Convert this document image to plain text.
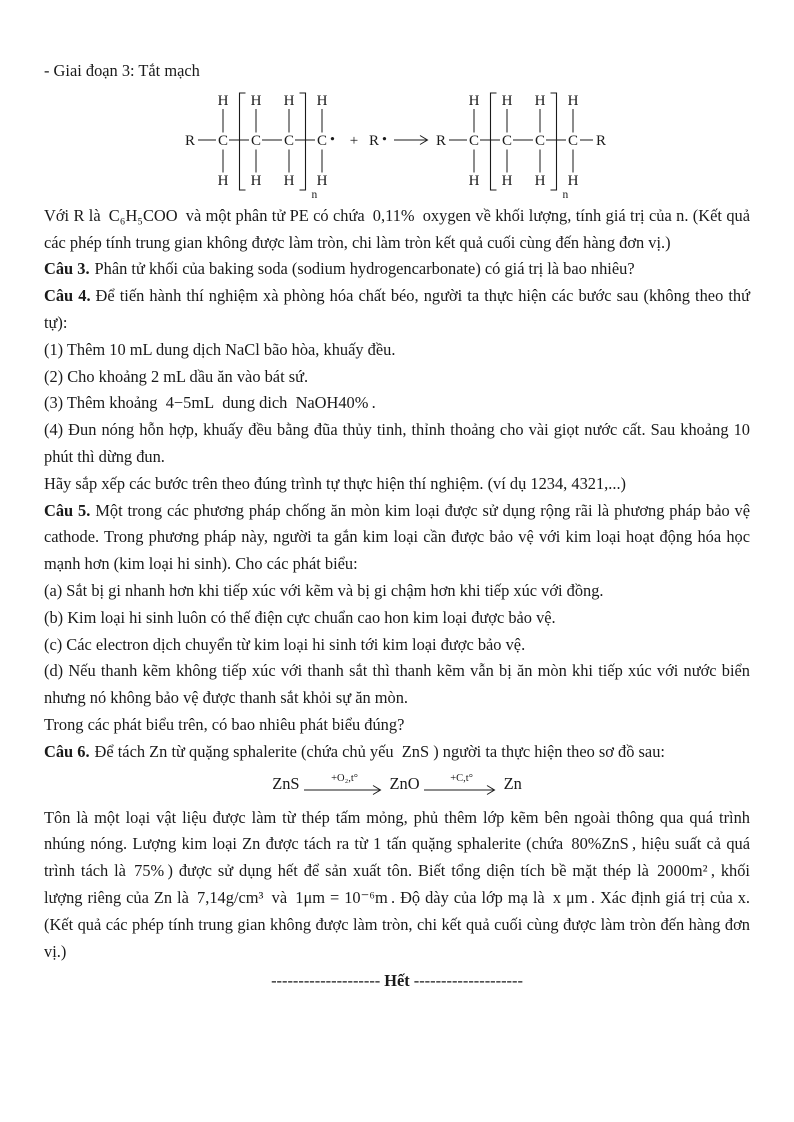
- Giai đoạn 3: Tắt mạch

R C C C C
H H H H
H H H H
n
• + R •	R C C C C R
H H H H
H H H H
n

Với R là C₆H₅COO và một phân tử PE có chứa 0,11% oxygen về khối lượng, tính giá trị của n. (Kết quả các phép tính trung gian không được làm tròn, chi làm tròn kết quả cuối cùng đến hàng đơn vị.)

Câu 3. Phân tử khối của baking soda (sodium hydrogencarbonate) có giá trị là bao nhiêu?

Câu 4. Để tiến hành thí nghiệm xà phòng hóa chất béo, người ta thực hiện các bước sau (không theo thứ tự):

(1) Thêm 10 mL dung dịch NaCl bão hòa, khuấy đều.

(2) Cho khoảng 2 mL dầu ăn vào bát sứ.

(3) Thêm khoảng 4−5mL dung dich NaOH40% .

(4) Đun nóng hỗn hợp, khuấy đều bằng đũa thủy tinh, thỉnh thoảng cho vài giọt nước cất. Sau khoảng 10 phút thì dừng đun.

Hãy sắp xếp các bước trên theo đúng trình tự thực hiện thí nghiệm. (ví dụ 1234, 4321,...)

Câu 5. Một trong các phương pháp chống ăn mòn kim loại được sử dụng rộng rãi là phương pháp bảo vệ cathode. Trong phương pháp này, người ta gắn kim loại cần được bảo vệ với kim loại hoạt động hóa học mạnh hơn (kim loại hi sinh). Cho các phát biểu:

(a) Sắt bị gi nhanh hơn khi tiếp xúc với kẽm và bị gi chậm hơn khi tiếp xúc với đồng.

(b) Kim loại hi sinh luôn có thế điện cực chuẩn cao hon kim loại được bảo vệ.

(c) Các electron dịch chuyển từ kim loại hi sinh tới kim loại được bảo vệ.

(d) Nếu thanh kẽm không tiếp xúc với thanh sắt thì thanh kẽm vẫn bị ăn mòn khi tiếp xúc với nước biển nhưng nó không bảo vệ được thanh sắt khỏi sự ăn mòn.

Trong các phát biểu trên, có bao nhiêu phát biểu đúng?

Câu 6. Để tách Zn từ quặng sphalerite (chứa chủ yếu ZnS ) người ta thực hiện theo sơ đồ sau:

ZnS	+O₂,t° ZnO	+C,t° Zn

Tôn là một loại vật liệu được làm từ thép tấm mỏng, phủ thêm lớp kẽm bên ngoài thông qua quá trình nhúng nóng. Lượng kim loại Zn được tách ra từ 1 tấn quặng sphalerite (chứa 80%ZnS , hiệu suất cả quá trình tách là 75% ) được sử dụng hết để sản xuất tôn. Biết tổng diện tích bề mặt thép là 2000m² , khối lượng riêng của Zn là 7,14g/cm³ và 1μm = 10⁻⁶m . Độ dày của lớp mạ là x μm . Xác định giá trị của x. (Kết quả các phép tính trung gian không được làm tròn, chi kết quả cuối cùng được làm tròn đến hàng đơn vị.)

-------------------- Hết --------------------
